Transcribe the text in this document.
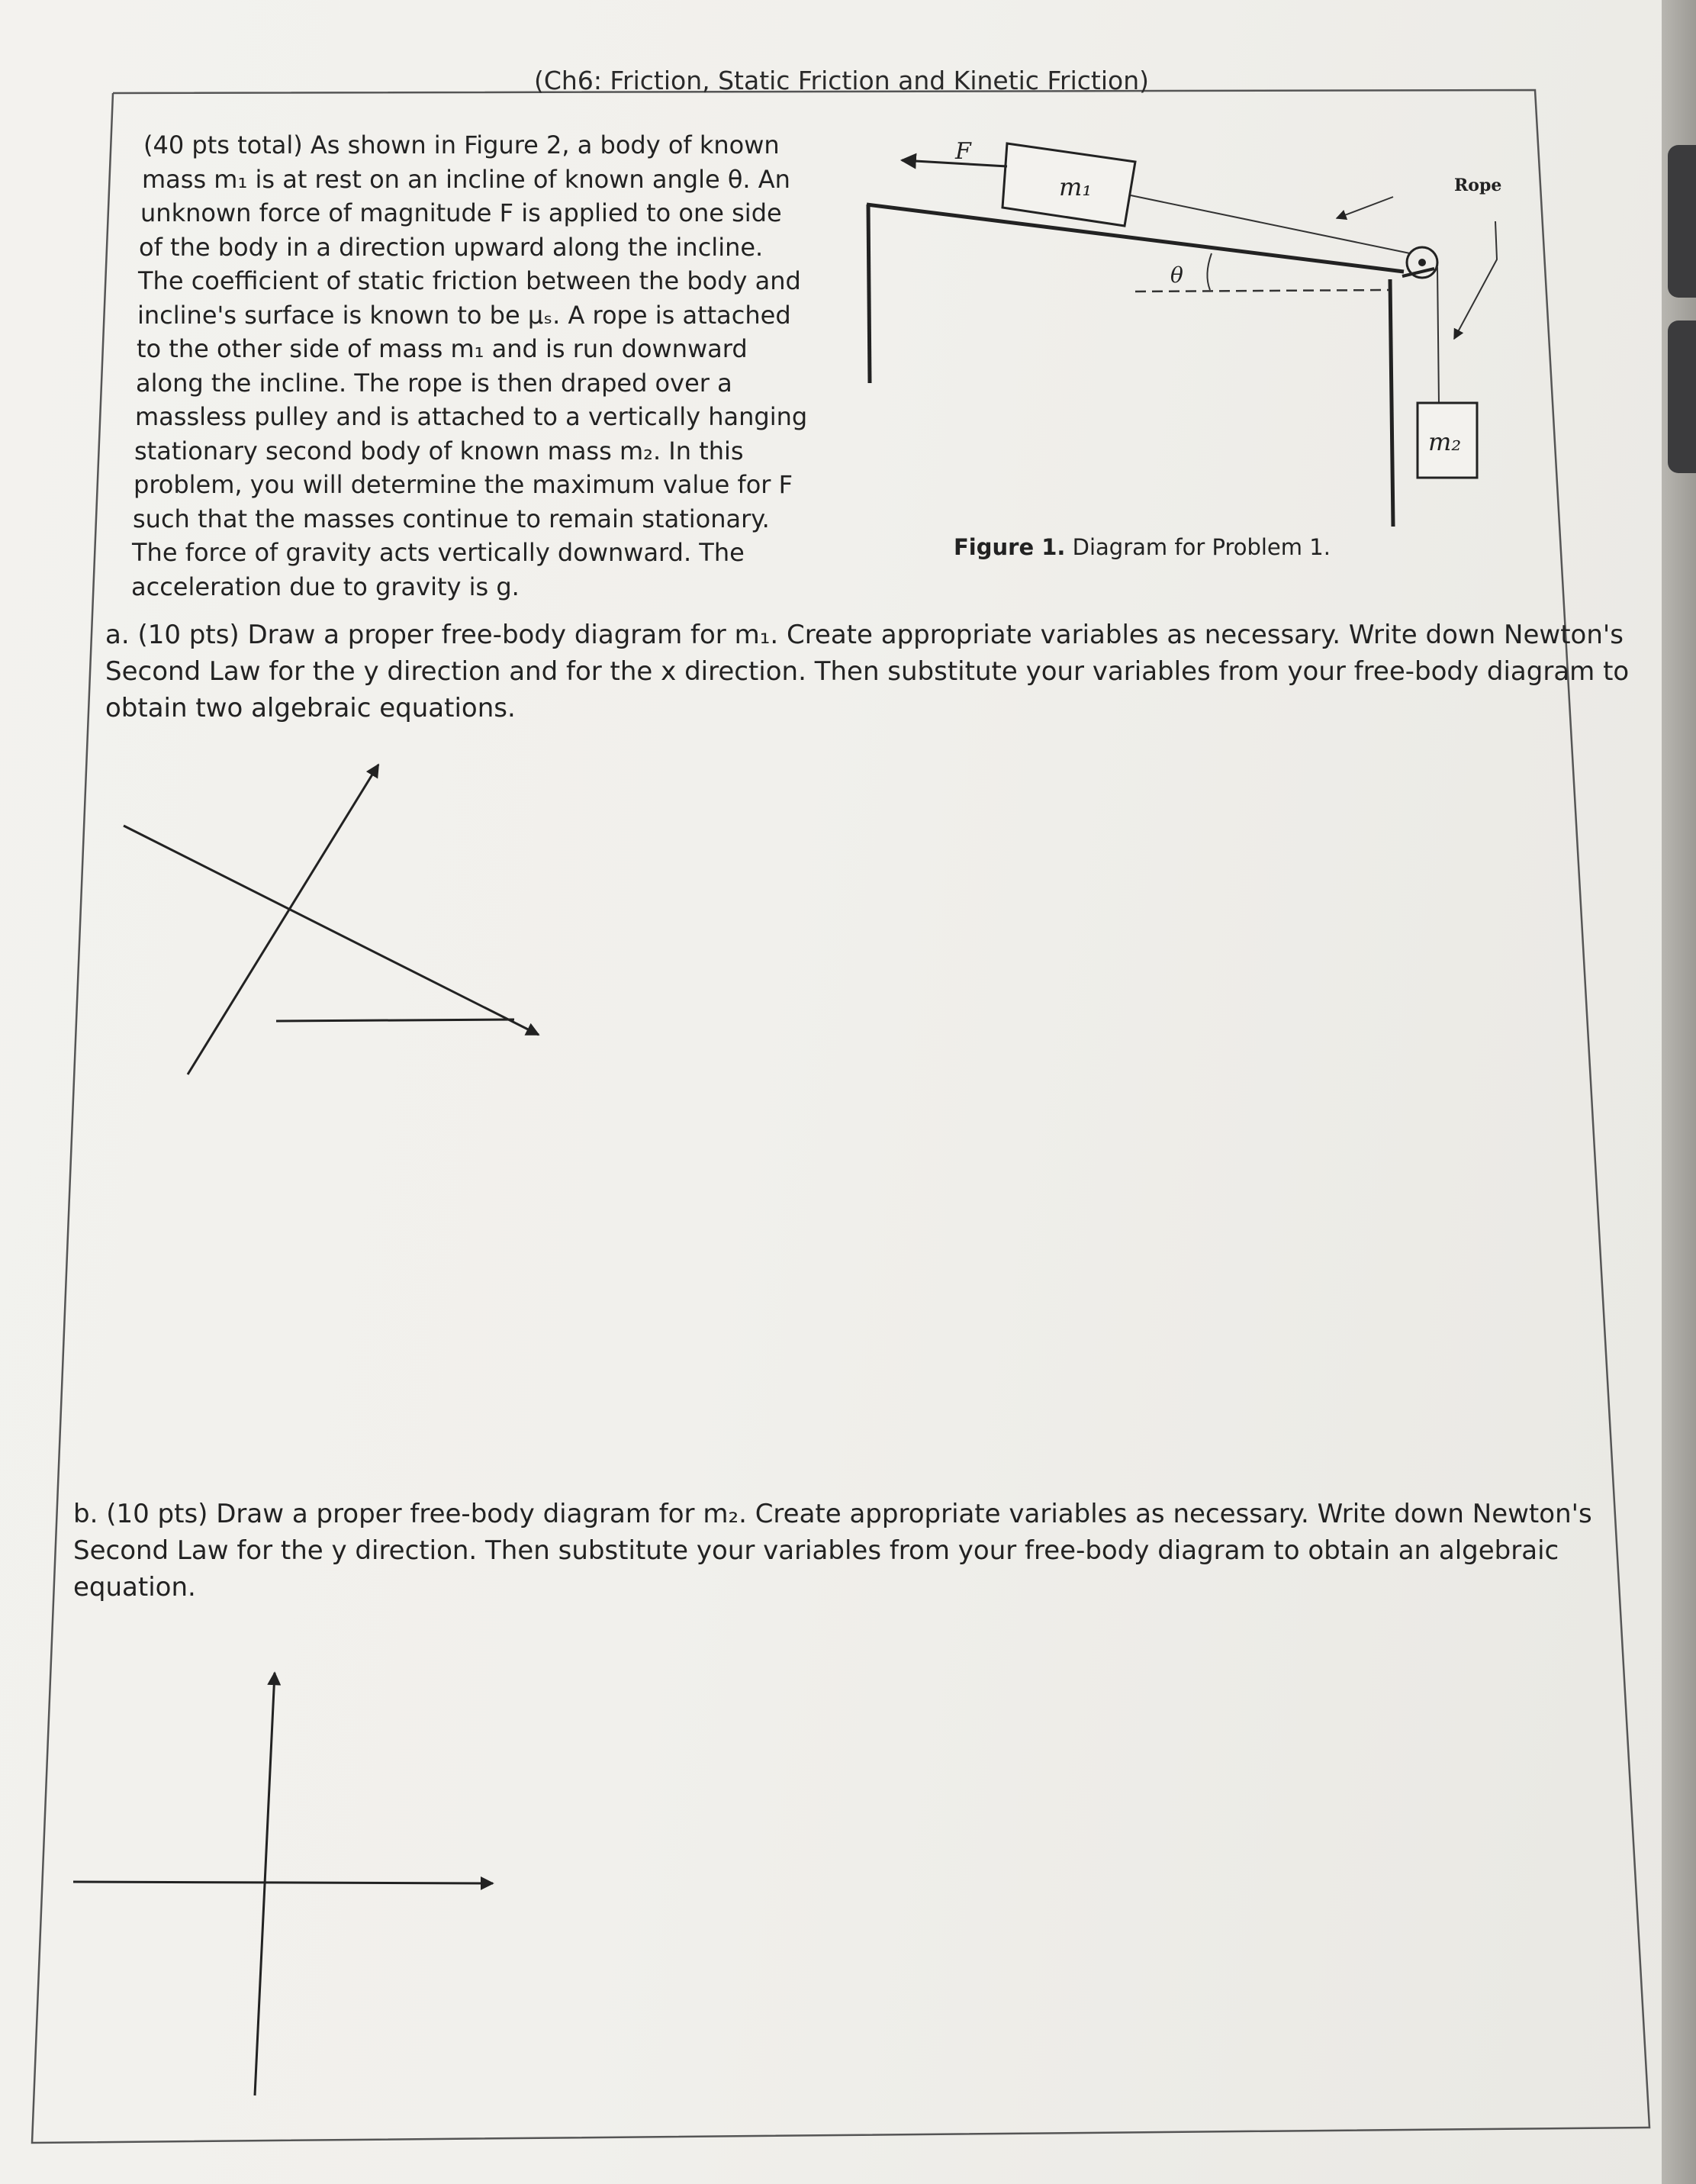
(Ch6: Friction, Static Friction and Kinetic Friction)
(40 pts total) As shown in Figure 2, a body of known
mass m₁ is at rest on an incline of known angle θ. An
unknown force of magnitude F is applied to one side
of the body in a direction upward along the incline.
The coefficient of static friction between the body and
incline's surface is known to be μₛ. A rope is attached
to the other side of mass m₁ and is run downward
along the incline. The rope is then draped over a
massless pulley and is attached to a vertically hanging
stationary second body of known mass m₂. In this
problem, you will determine the maximum value for F
such that the masses continue to remain stationary.
The force of gravity acts vertically downward. The
acceleration due to gravity is g.
F
m₁
θ
Rope
m₂
Figure 1. Diagram for Problem 1.
a. (10 pts) Draw a proper free-body diagram for m₁. Create appropriate variables as necessary. Write down Newton's
Second Law for the y direction and for the x direction. Then substitute your variables from your free-body diagram to
obtain two algebraic equations.
b. (10 pts) Draw a proper free-body diagram for m₂. Create appropriate variables as necessary. Write down Newton's
Second Law for the y direction. Then substitute your variables from your free-body diagram to obtain an algebraic
equation.
